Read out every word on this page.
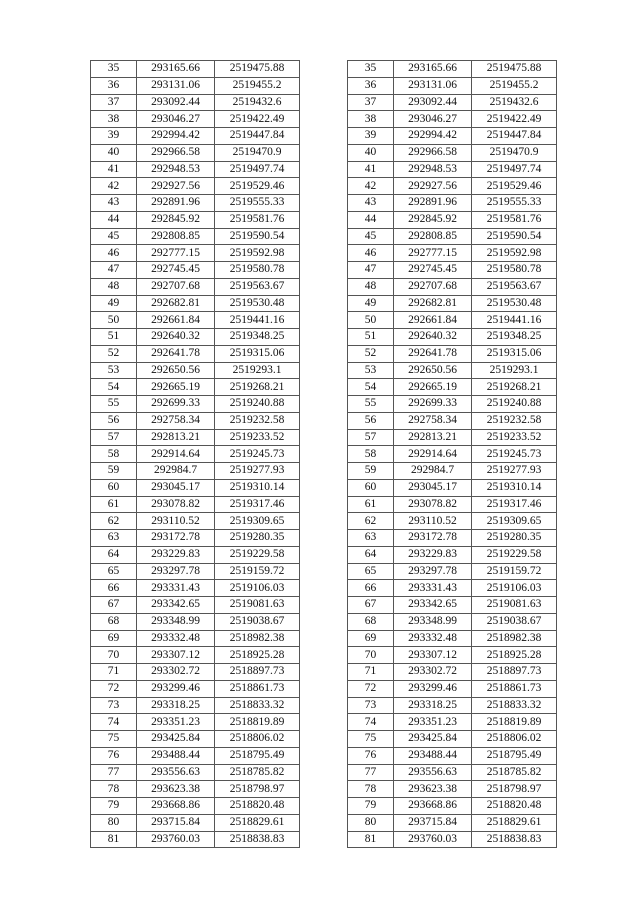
35	293165.66	2519475.88
36	293131.06	2519455.2
37	293092.44	2519432.6
38	293046.27	2519422.49
39	292994.42	2519447.84
40	292966.58	2519470.9
41	292948.53	2519497.74
42	292927.56	2519529.46
43	292891.96	2519555.33
44	292845.92	2519581.76
45	292808.85	2519590.54
46	292777.15	2519592.98
47	292745.45	2519580.78
48	292707.68	2519563.67
49	292682.81	2519530.48
50	292661.84	2519441.16
51	292640.32	2519348.25
52	292641.78	2519315.06
53	292650.56	2519293.1
54	292665.19	2519268.21
55	292699.33	2519240.88
56	292758.34	2519232.58
57	292813.21	2519233.52
58	292914.64	2519245.73
59	292984.7	2519277.93
60	293045.17	2519310.14
61	293078.82	2519317.46
62	293110.52	2519309.65
63	293172.78	2519280.35
64	293229.83	2519229.58
65	293297.78	2519159.72
66	293331.43	2519106.03
67	293342.65	2519081.63
68	293348.99	2519038.67
69	293332.48	2518982.38
70	293307.12	2518925.28
71	293302.72	2518897.73
72	293299.46	2518861.73
73	293318.25	2518833.32
74	293351.23	2518819.89
75	293425.84	2518806.02
76	293488.44	2518795.49
77	293556.63	2518785.82
78	293623.38	2518798.97
79	293668.86	2518820.48
80	293715.84	2518829.61
81	293760.03	2518838.83
35	293165.66	2519475.88
36	293131.06	2519455.2
37	293092.44	2519432.6
38	293046.27	2519422.49
39	292994.42	2519447.84
40	292966.58	2519470.9
41	292948.53	2519497.74
42	292927.56	2519529.46
43	292891.96	2519555.33
44	292845.92	2519581.76
45	292808.85	2519590.54
46	292777.15	2519592.98
47	292745.45	2519580.78
48	292707.68	2519563.67
49	292682.81	2519530.48
50	292661.84	2519441.16
51	292640.32	2519348.25
52	292641.78	2519315.06
53	292650.56	2519293.1
54	292665.19	2519268.21
55	292699.33	2519240.88
56	292758.34	2519232.58
57	292813.21	2519233.52
58	292914.64	2519245.73
59	292984.7	2519277.93
60	293045.17	2519310.14
61	293078.82	2519317.46
62	293110.52	2519309.65
63	293172.78	2519280.35
64	293229.83	2519229.58
65	293297.78	2519159.72
66	293331.43	2519106.03
67	293342.65	2519081.63
68	293348.99	2519038.67
69	293332.48	2518982.38
70	293307.12	2518925.28
71	293302.72	2518897.73
72	293299.46	2518861.73
73	293318.25	2518833.32
74	293351.23	2518819.89
75	293425.84	2518806.02
76	293488.44	2518795.49
77	293556.63	2518785.82
78	293623.38	2518798.97
79	293668.86	2518820.48
80	293715.84	2518829.61
81	293760.03	2518838.83
